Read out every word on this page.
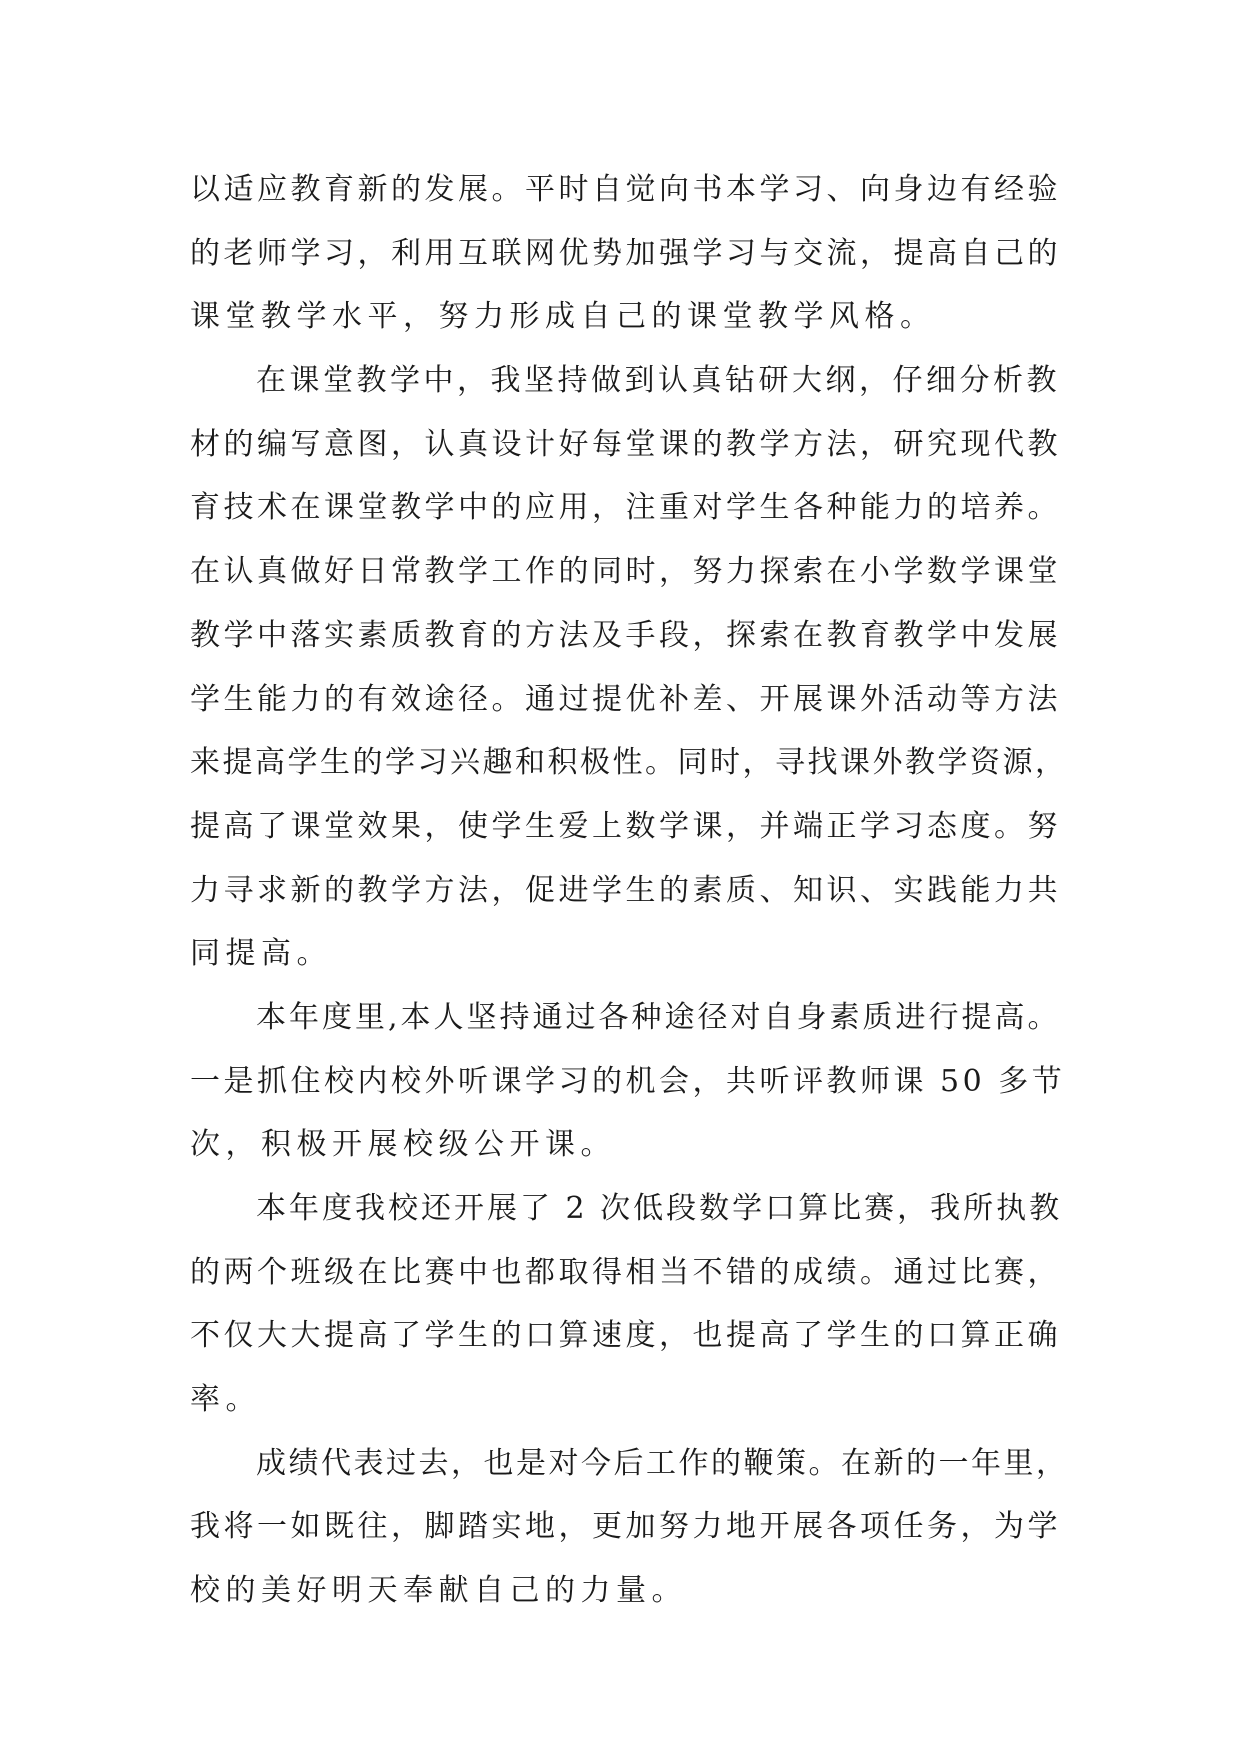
以适应教育新的发展。平时自觉向书本学习、向身边有经验
的老师学习，利用互联网优势加强学习与交流，提高自己的
课堂教学水平，努力形成自己的课堂教学风格。
在课堂教学中，我坚持做到认真钻研大纲，仔细分析教
材的编写意图，认真设计好每堂课的教学方法，研究现代教
育技术在课堂教学中的应用，注重对学生各种能力的培养。
在认真做好日常教学工作的同时，努力探索在小学数学课堂
教学中落实素质教育的方法及手段，探索在教育教学中发展
学生能力的有效途径。通过提优补差、开展课外活动等方法
来提高学生的学习兴趣和积极性。同时，寻找课外教学资源，
提高了课堂效果，使学生爱上数学课，并端正学习态度。努
力寻求新的教学方法，促进学生的素质、知识、实践能力共
同提高。
本年度里,本人坚持通过各种途径对自身素质进行提高。
一是抓住校内校外听课学习的机会，共听评教师课 50 多节
次，积极开展校级公开课。
本年度我校还开展了 2 次低段数学口算比赛，我所执教
的两个班级在比赛中也都取得相当不错的成绩。通过比赛，
不仅大大提高了学生的口算速度，也提高了学生的口算正确
率。
成绩代表过去，也是对今后工作的鞭策。在新的一年里，
我将一如既往，脚踏实地，更加努力地开展各项任务，为学
校的美好明天奉献自己的力量。
